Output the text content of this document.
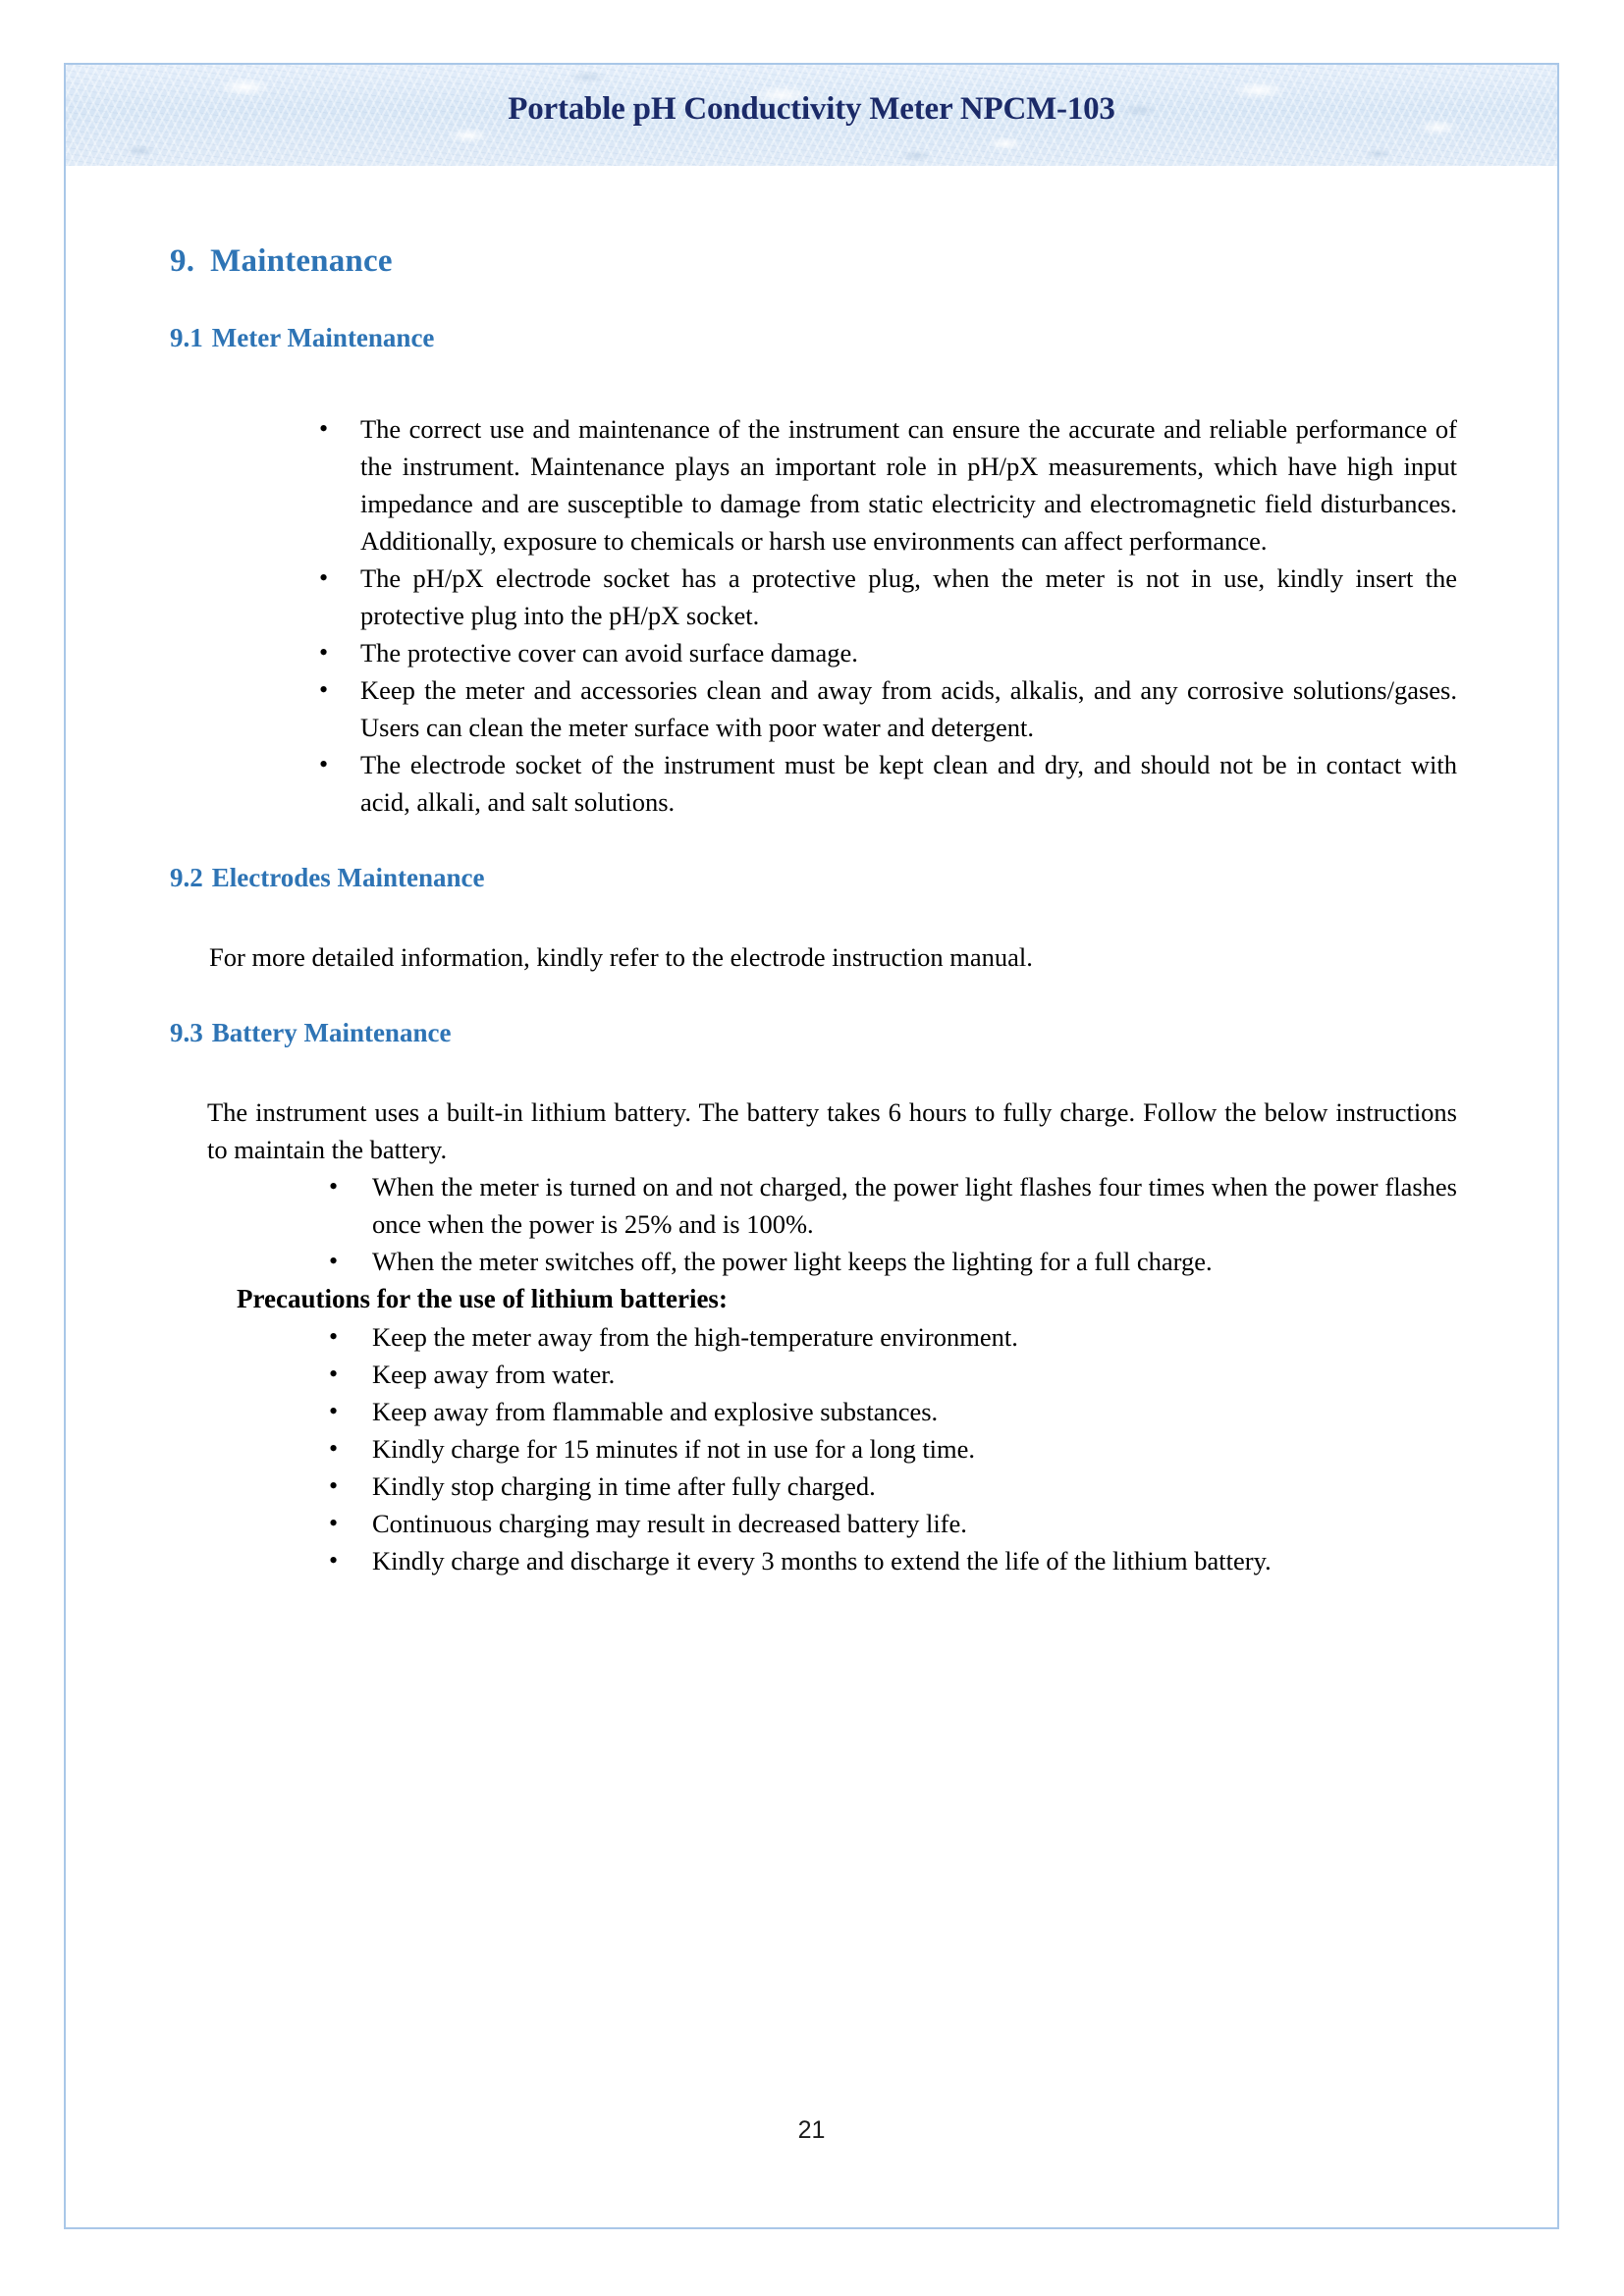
Portable pH Conductivity Meter NPCM-103
9. Maintenance
9.1 Meter Maintenance
•	The correct use and maintenance of the instrument can ensure the accurate and reliable performance of the instrument. Maintenance plays an important role in pH/pX measurements, which have high input impedance and are susceptible to damage from static electricity and electromagnetic field disturbances. Additionally, exposure to chemicals or harsh use environments can affect performance.
•	The pH/pX electrode socket has a protective plug, when the meter is not in use, kindly insert the protective plug into the pH/pX socket.
•	The protective cover can avoid surface damage.
•	Keep the meter and accessories clean and away from acids, alkalis, and any corrosive solutions/gases. Users can clean the meter surface with poor water and detergent.
•	The electrode socket of the instrument must be kept clean and dry, and should not be in contact with acid, alkali, and salt solutions.
9.2 Electrodes Maintenance

For more detailed information, kindly refer to the electrode instruction manual.

9.3 Battery Maintenance

The instrument uses a built-in lithium battery. The battery takes 6 hours to fully charge. Follow the below instructions to maintain the battery.

•	When the meter is turned on and not charged, the power light flashes four times when the power flashes once when the power is 25% and is 100%.
•	When the meter switches off, the power light keeps the lighting for a full charge.

Precautions for the use of lithium batteries:

•	Keep the meter away from the high-temperature environment.
•	Keep away from water.
•	Keep away from flammable and explosive substances.
•	Kindly charge for 15 minutes if not in use for a long time.
•	Kindly stop charging in time after fully charged.
•	Continuous charging may result in decreased battery life.
•	Kindly charge and discharge it every 3 months to extend the life of the lithium battery.
21
